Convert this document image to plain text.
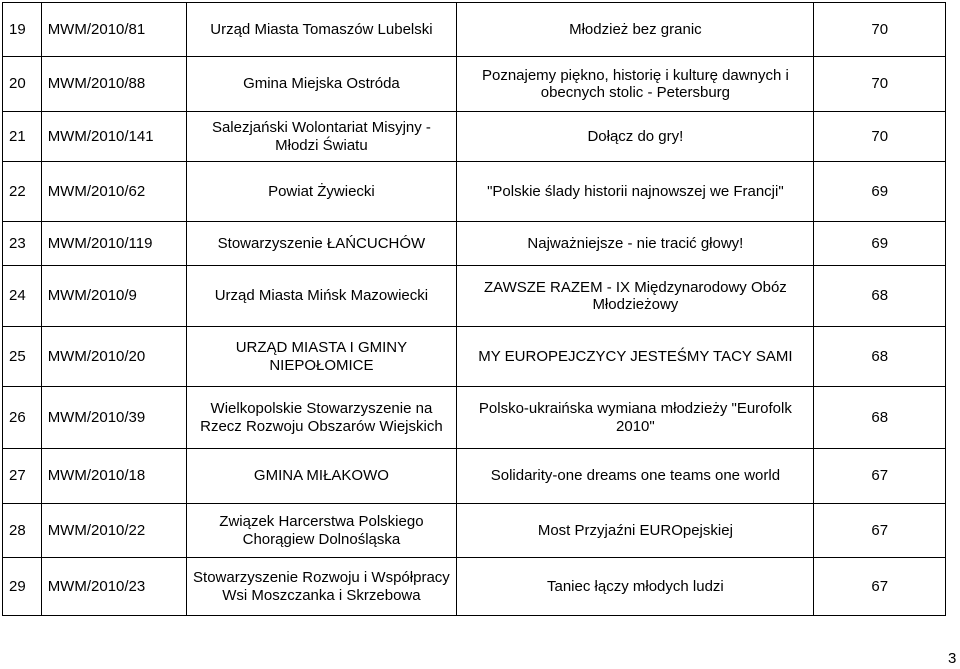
19	MWM/2010/81	Urząd Miasta Tomaszów Lubelski	Młodzież bez granic	70
20	MWM/2010/88	Gmina Miejska Ostróda	Poznajemy piękno, historię i kulturę dawnych i obecnych stolic - Petersburg	70
21	MWM/2010/141	Salezjański Wolontariat Misyjny - Młodzi Światu	Dołącz do gry!	70
22	MWM/2010/62	Powiat Żywiecki	"Polskie ślady historii najnowszej we Francji"	69
23	MWM/2010/119	Stowarzyszenie ŁAŃCUCHÓW	Najważniejsze - nie tracić głowy!	69
24	MWM/2010/9	Urząd Miasta Mińsk Mazowiecki	ZAWSZE RAZEM - IX Międzynarodowy Obóz Młodzieżowy	68
25	MWM/2010/20	URZĄD MIASTA I GMINY NIEPOŁOMICE	MY EUROPEJCZYCY JESTEŚMY TACY SAMI	68
26	MWM/2010/39	Wielkopolskie Stowarzyszenie na Rzecz Rozwoju Obszarów Wiejskich	Polsko-ukraińska wymiana młodzieży "Eurofolk 2010"	68
27	MWM/2010/18	GMINA MIŁAKOWO	Solidarity-one dreams one teams one world	67
28	MWM/2010/22	Związek Harcerstwa Polskiego Chorągiew Dolnośląska	Most Przyjaźni EUROpejskiej	67
29	MWM/2010/23	Stowarzyszenie Rozwoju i Współpracy Wsi Moszczanka i Skrzebowa	Taniec łączy młodych ludzi	67
3
